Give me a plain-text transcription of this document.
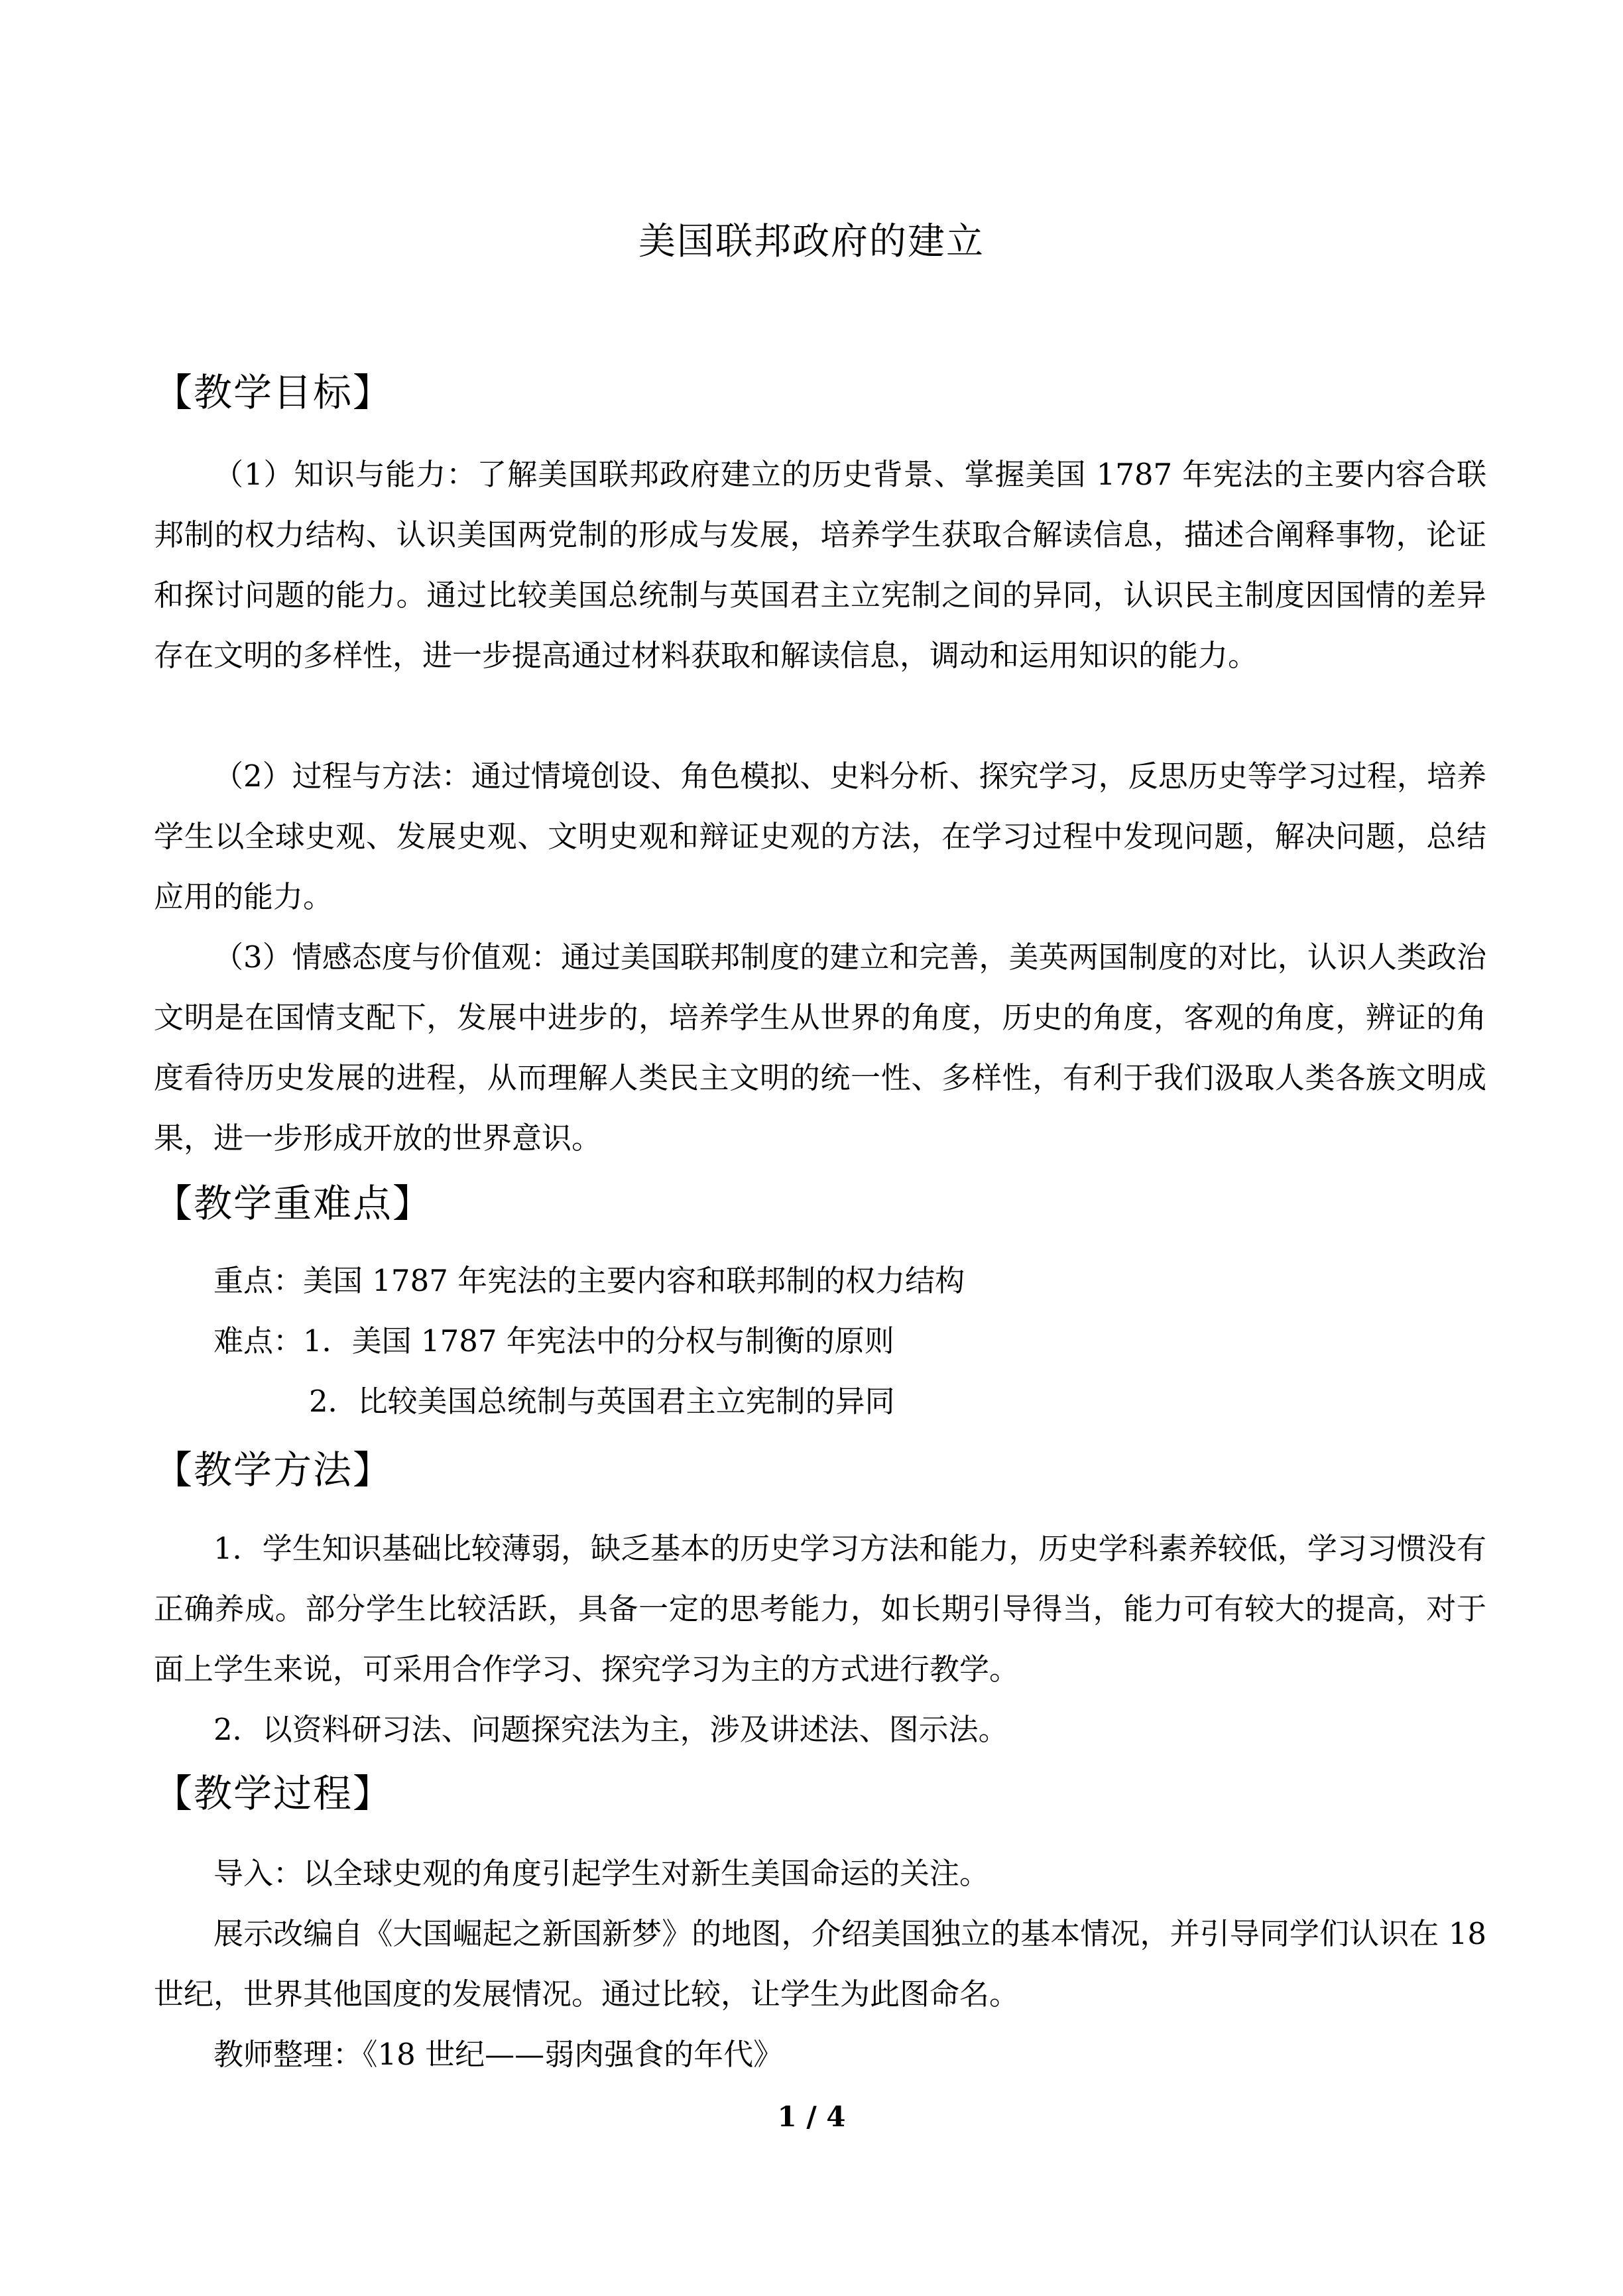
美国联邦政府的建立
【教学目标】
（1）知识与能力：了解美国联邦政府建立的历史背景、掌握美国 1787 年宪法的主要内容合联邦制的权力结构、认识美国两党制的形成与发展，培养学生获取合解读信息，描述合阐释事物，论证和探讨问题的能力。通过比较美国总统制与英国君主立宪制之间的异同，认识民主制度因国情的差异存在文明的多样性，进一步提高通过材料获取和解读信息，调动和运用知识的能力。
（2）过程与方法：通过情境创设、角色模拟、史料分析、探究学习，反思历史等学习过程，培养学生以全球史观、发展史观、文明史观和辩证史观的方法，在学习过程中发现问题，解决问题，总结应用的能力。
（3）情感态度与价值观：通过美国联邦制度的建立和完善，美英两国制度的对比，认识人类政治文明是在国情支配下，发展中进步的，培养学生从世界的角度，历史的角度，客观的角度，辨证的角度看待历史发展的进程，从而理解人类民主文明的统一性、多样性，有利于我们汲取人类各族文明成果，进一步形成开放的世界意识。
【教学重难点】
重点：美国 1787 年宪法的主要内容和联邦制的权力结构
难点：1．美国 1787 年宪法中的分权与制衡的原则
2．比较美国总统制与英国君主立宪制的异同
【教学方法】
1．学生知识基础比较薄弱，缺乏基本的历史学习方法和能力，历史学科素养较低，学习习惯没有正确养成。部分学生比较活跃，具备一定的思考能力，如长期引导得当，能力可有较大的提高，对于面上学生来说，可采用合作学习、探究学习为主的方式进行教学。
2．以资料研习法、问题探究法为主，涉及讲述法、图示法。
【教学过程】
导入：以全球史观的角度引起学生对新生美国命运的关注。
展示改编自《大国崛起之新国新梦》的地图，介绍美国独立的基本情况，并引导同学们认识在 18 世纪，世界其他国度的发展情况。通过比较，让学生为此图命名。
教师整理：《18 世纪——弱肉强食的年代》
1 / 4
